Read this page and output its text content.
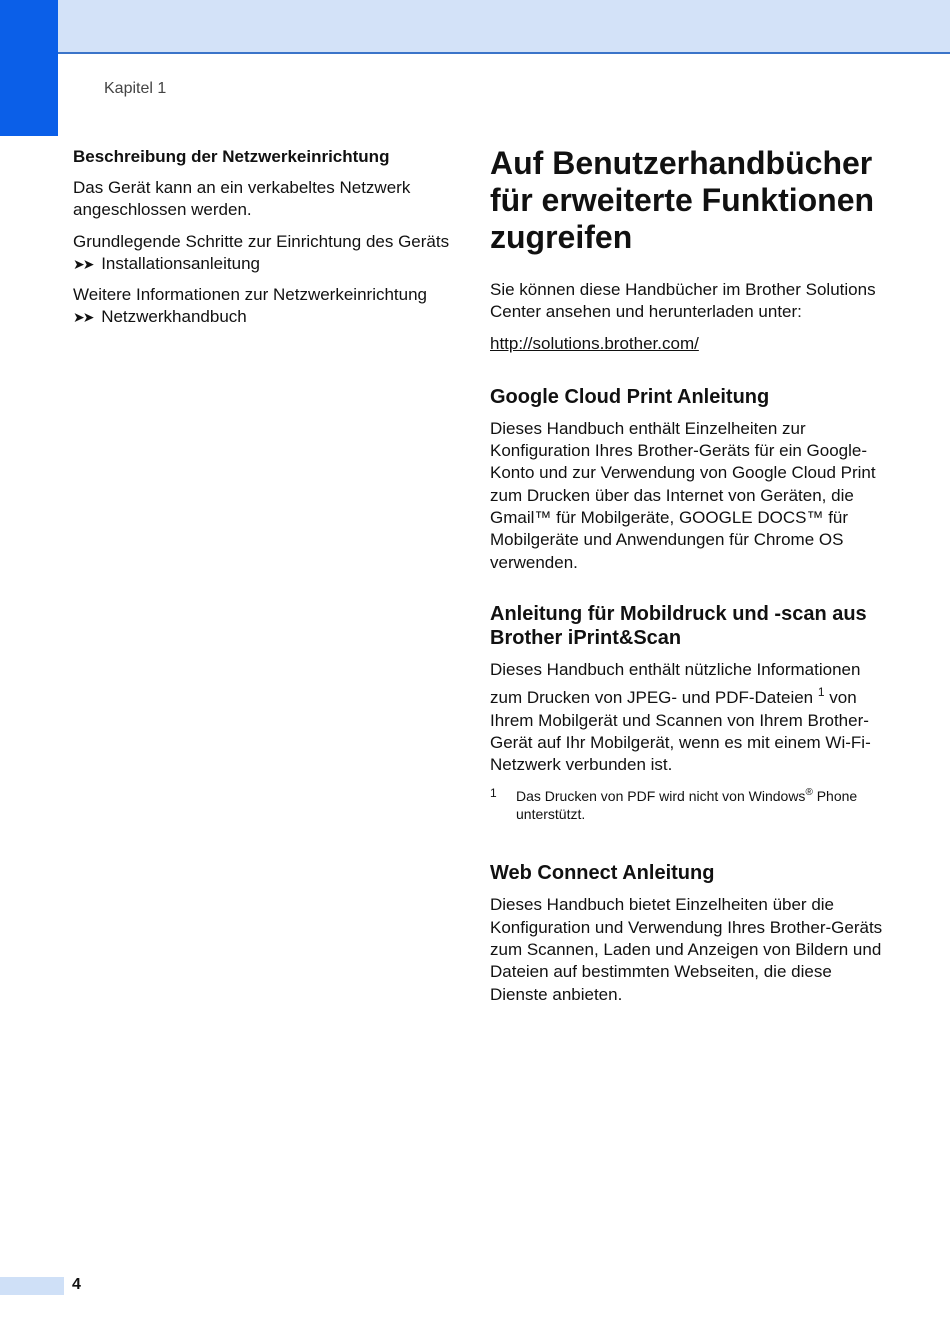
Kapitel 1
Beschreibung der Netzwerkeinrichtung
Das Gerät kann an ein verkabeltes Netzwerk angeschlossen werden.
Grundlegende Schritte zur Einrichtung des Geräts ➤➤ Installationsanleitung
Weitere Informationen zur Netzwerkeinrichtung ➤➤ Netzwerkhandbuch
Auf Benutzerhandbücher für erweiterte Funktionen zugreifen
Sie können diese Handbücher im Brother Solutions Center ansehen und herunterladen unter:
http://solutions.brother.com/
Google Cloud Print Anleitung
Dieses Handbuch enthält Einzelheiten zur Konfiguration Ihres Brother-Geräts für ein Google-Konto und zur Verwendung von Google Cloud Print zum Drucken über das Internet von Geräten, die Gmail™ für Mobilgeräte, GOOGLE DOCS™ für Mobilgeräte und Anwendungen für Chrome OS verwenden.
Anleitung für Mobildruck und -scan aus Brother iPrint&Scan
Dieses Handbuch enthält nützliche Informationen zum Drucken von JPEG- und PDF-Dateien $^1$ von Ihrem Mobilgerät und Scannen von Ihrem Brother-Gerät auf Ihr Mobilgerät, wenn es mit einem Wi-Fi-Netzwerk verbunden ist.
1	Das Drucken von PDF wird nicht von Windows® Phone unterstützt.
Web Connect Anleitung
Dieses Handbuch bietet Einzelheiten über die Konfiguration und Verwendung Ihres Brother-Geräts zum Scannen, Laden und Anzeigen von Bildern und Dateien auf bestimmten Webseiten, die diese Dienste anbieten.
4
